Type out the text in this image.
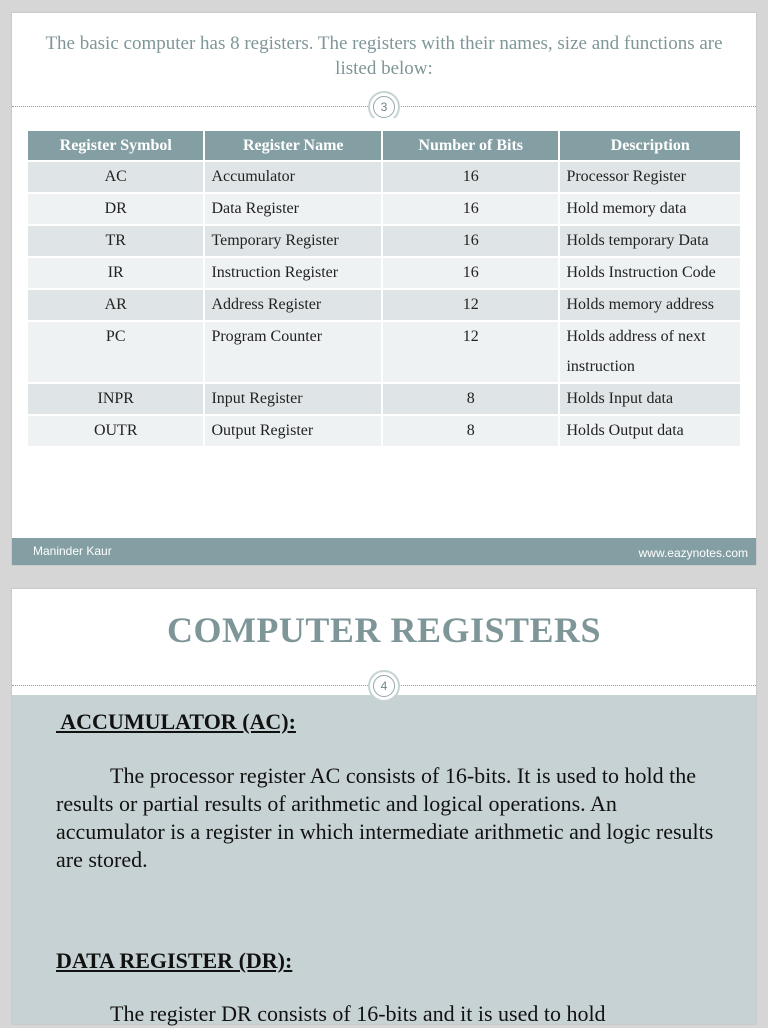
The basic computer has 8 registers. The registers with their names, size and functions are listed below:
3
Register Symbol	Register Name	Number of Bits	Description
AC	Accumulator	16	Processor Register
DR	Data Register	16	Hold memory data
TR	Temporary Register	16	Holds temporary Data
IR	Instruction Register	16	Holds Instruction Code
AR	Address Register	12	Holds memory address
PC	Program Counter	12	Holds address of next instruction
INPR	Input Register	8	Holds Input data
OUTR	Output Register	8	Holds Output data
Maninder Kaur	www.eazynotes.com
COMPUTER REGISTERS
4
ACCUMULATOR (AC):
The processor register AC consists of 16-bits. It is used to hold the results or partial results of arithmetic and logical operations. An accumulator is a register in which intermediate arithmetic and logic results are stored.
DATA REGISTER (DR):
The register DR consists of 16-bits and it is used to hold
